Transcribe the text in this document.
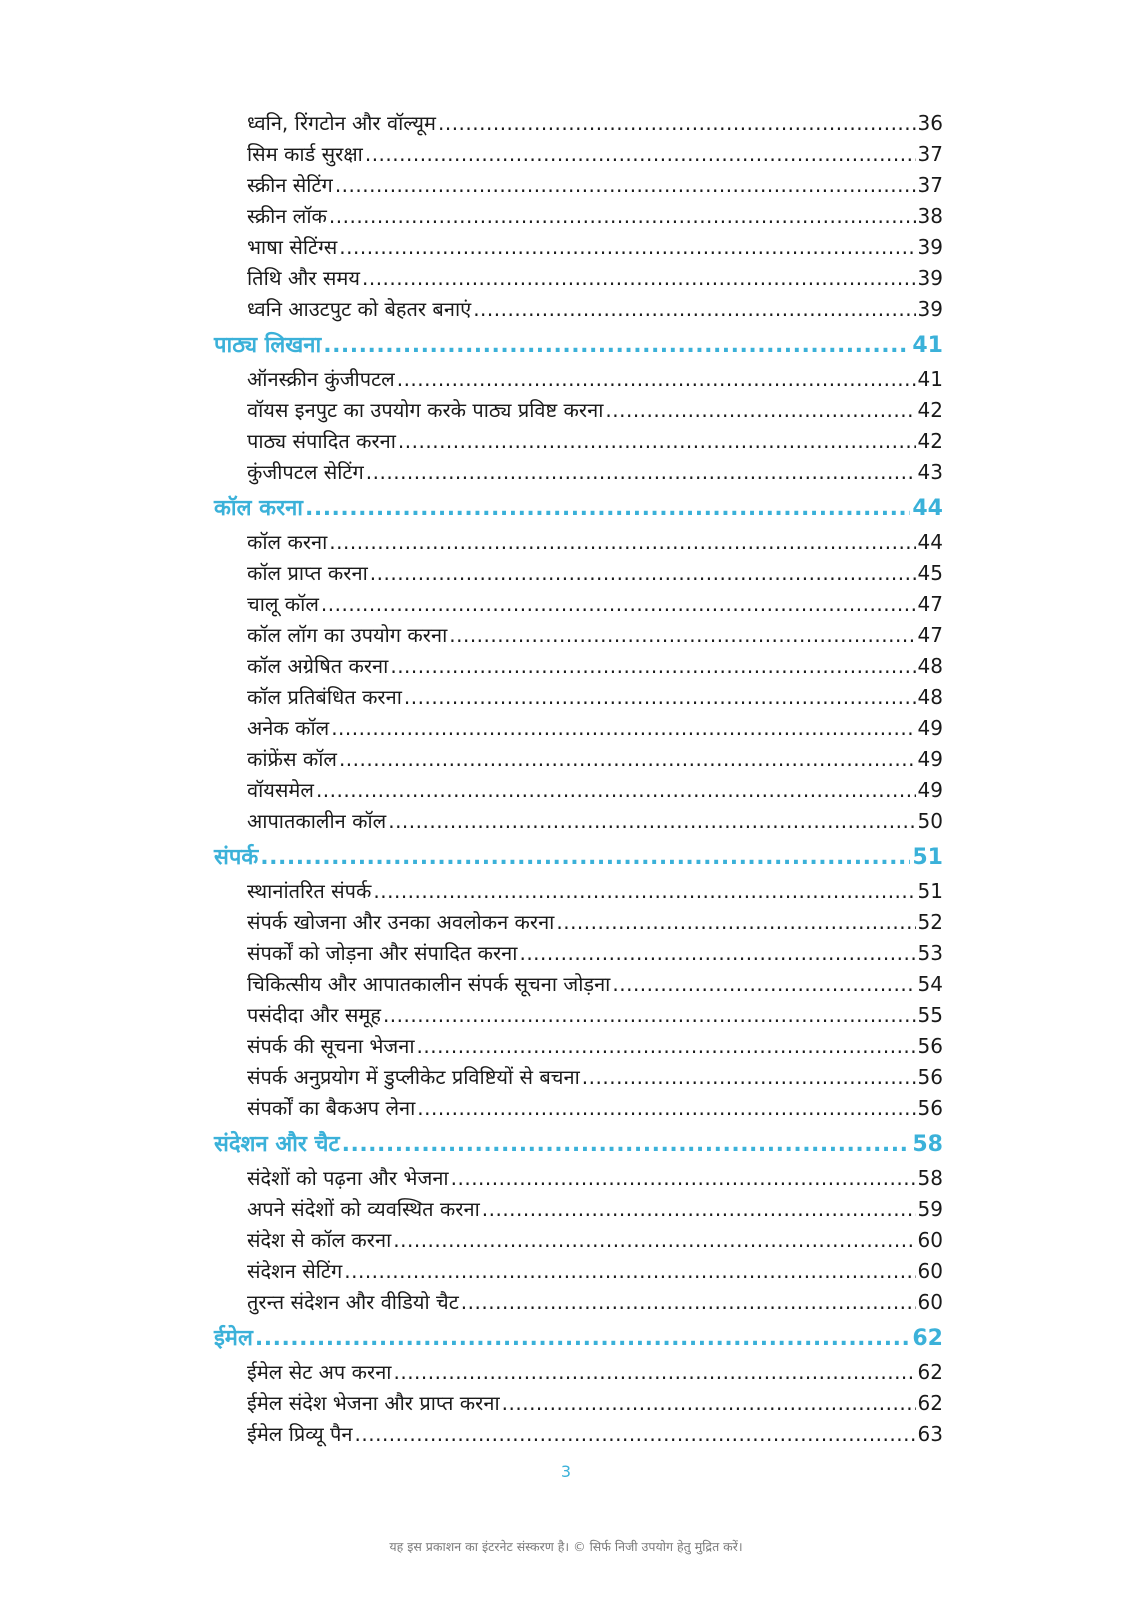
ध्वनि, रिंगटोन और वॉल्यूम .....	36
सिम कार्ड सुरक्षा .....	37
स्क्रीन सेटिंग .....	37
स्क्रीन लॉक .....	38
भाषा सेटिंग्स .....	39
तिथि और समय .....	39
ध्वनि आउटपुट को बेहतर बनाएं .....	39
पाठ्य लिखना .....	41
ऑनस्क्रीन कुंजीपटल .....	41
वॉयस इनपुट का उपयोग करके पाठ्य प्रविष्ट करना .....	42
पाठ्य संपादित करना .....	42
कुंजीपटल सेटिंग .....	43
कॉल करना .....	44
कॉल करना .....	44
कॉल प्राप्त करना .....	45
चालू कॉल .....	47
कॉल लॉग का उपयोग करना .....	47
कॉल अग्रेषित करना .....	48
कॉल प्रतिबंधित करना .....	48
अनेक कॉल .....	49
कांफ्रेंस कॉल .....	49
वॉयसमेल .....	49
आपातकालीन कॉल .....	50
संपर्क .....	51
स्थानांतरित संपर्क .....	51
संपर्क खोजना और उनका अवलोकन करना .....	52
संपर्कों को जोड़ना और संपादित करना .....	53
चिकित्सीय और आपातकालीन संपर्क सूचना जोड़ना .....	54
पसंदीदा और समूह .....	55
संपर्क की सूचना भेजना .....	56
संपर्क अनुप्रयोग में डुप्लीकेट प्रविष्टियों से बचना .....	56
संपर्कों का बैकअप लेना .....	56
संदेशन और चैट .....	58
संदेशों को पढ़ना और भेजना .....	58
अपने संदेशों को व्यवस्थित करना .....	59
संदेश से कॉल करना .....	60
संदेशन सेटिंग .....	60
तुरन्त संदेशन और वीडियो चैट .....	60
ईमेल .....	62
ईमेल सेट अप करना .....	62
ईमेल संदेश भेजना और प्राप्त करना .....	62
ईमेल प्रिव्यू पैन .....	63
3
यह इस प्रकाशन का इंटरनेट संस्करण है। © सिर्फ निजी उपयोग हेतु मुद्रित करें।
